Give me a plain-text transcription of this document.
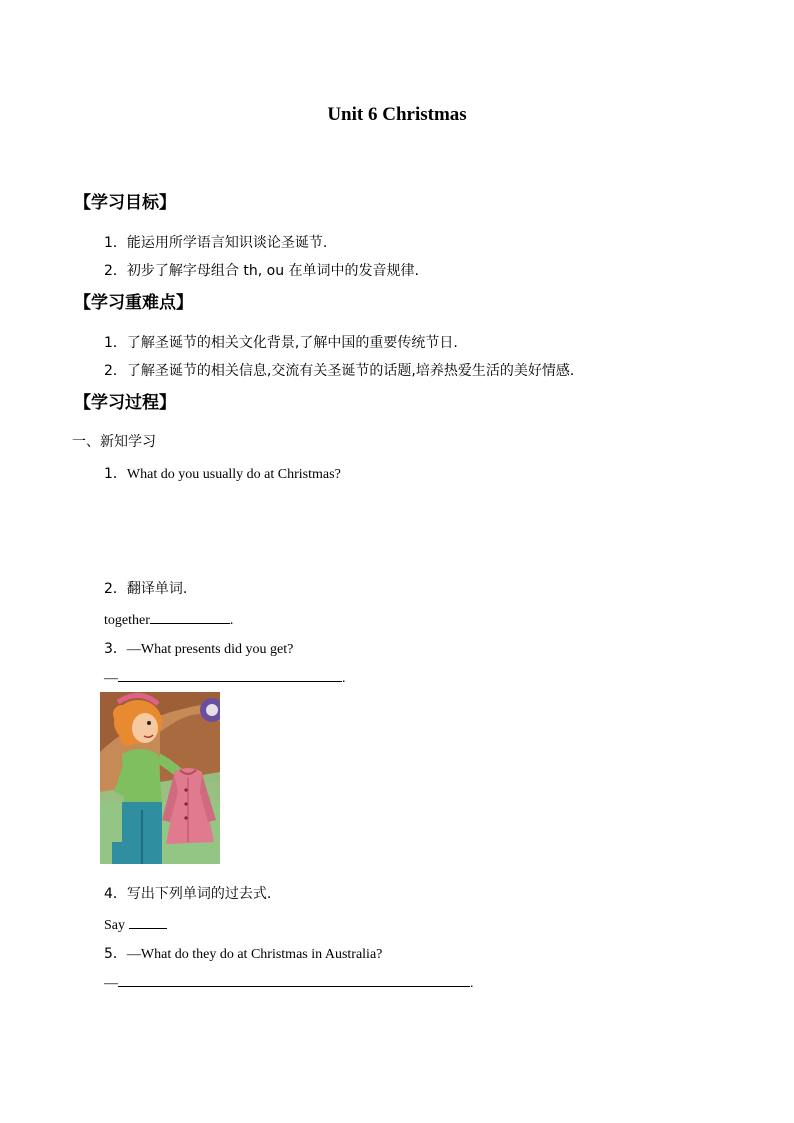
Unit 6 Christmas
【学习目标】
1．能运用所学语言知识谈论圣诞节.
2．初步了解字母组合 th, ou 在单词中的发音规律.
【学习重难点】
1．了解圣诞节的相关文化背景,了解中国的重要传统节日.
2．了解圣诞节的相关信息,交流有关圣诞节的话题,培养热爱生活的美好情感.
【学习过程】
一、新知学习
1．What do you usually do at Christmas?
2．翻译单词.
together	.
3．—What presents did you get?
—	.
4．写出下列单词的过去式.
Say
5．—What do they do at Christmas in Australia?
—	.
